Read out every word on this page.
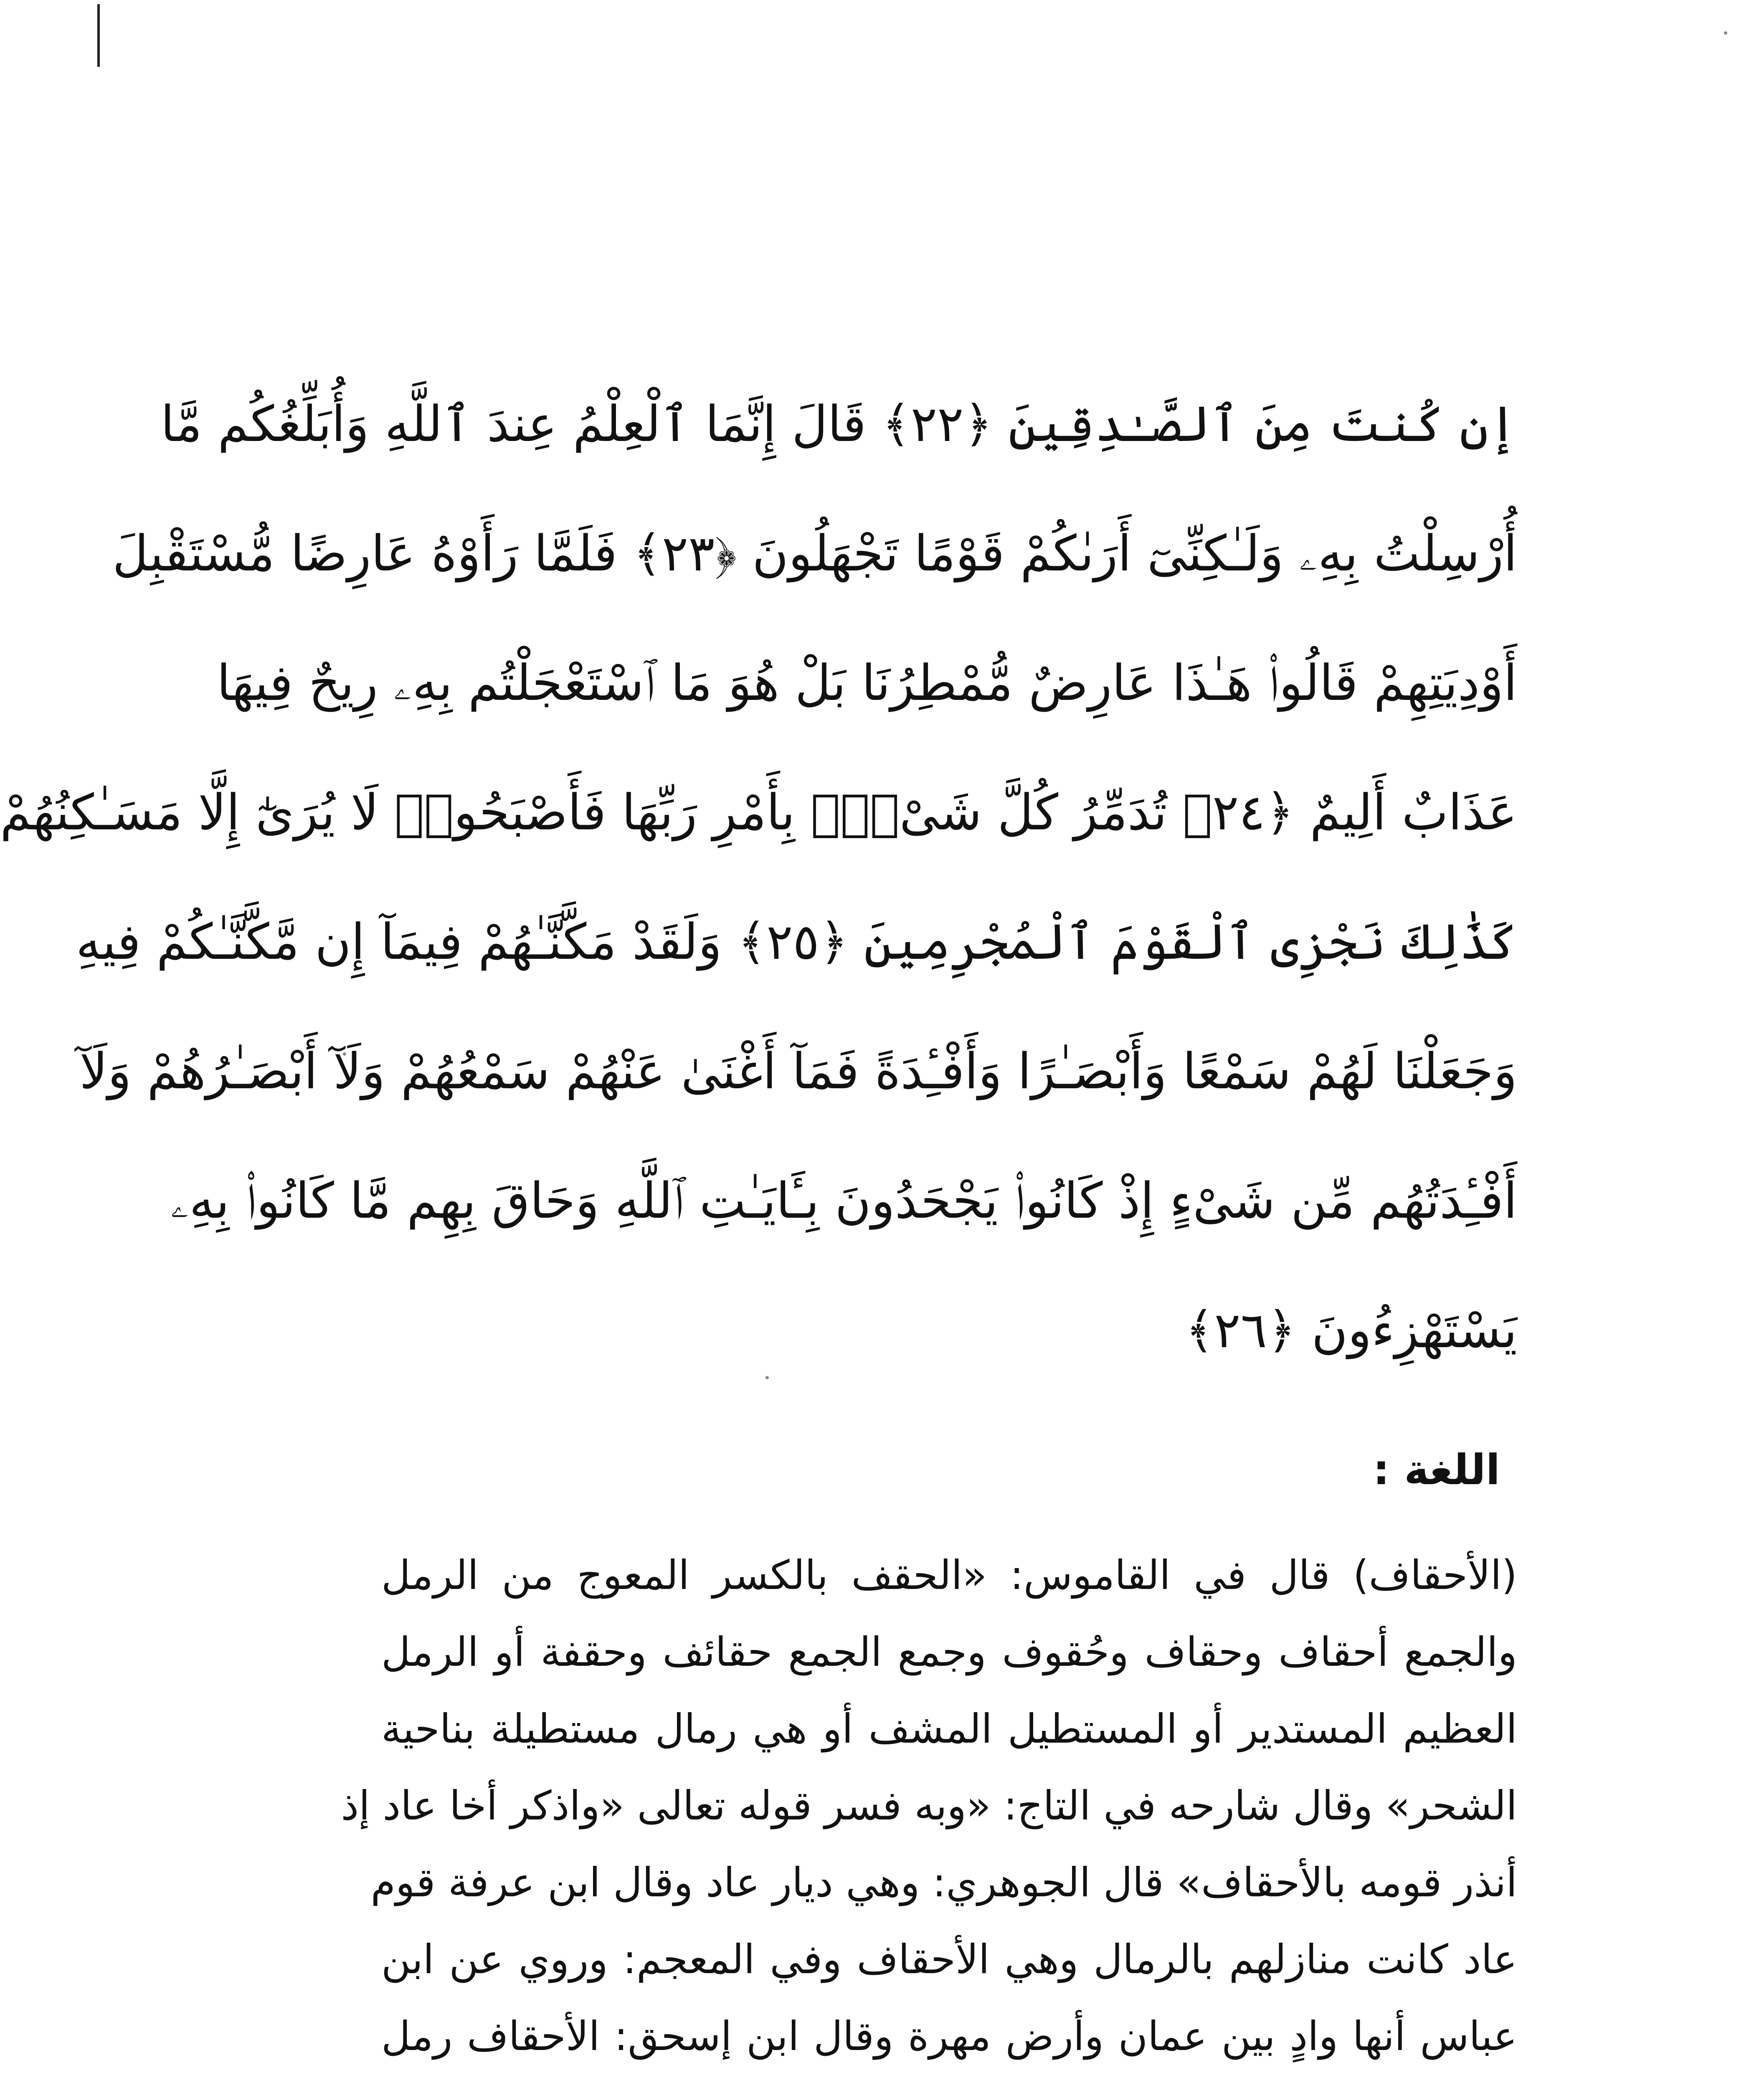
إن كُنتَ مِنَ ٱلصَّـٰدِقِينَ ﴿٢٢﴾ قَالَ إِنَّمَا ٱلْعِلْمُ عِندَ ٱللَّهِ وَأُبَلِّغُكُم مَّا
أُرْسِلْتُ بِهِۦ وَلَـٰكِنِّىٓ أَرَىٰكُمْ قَوْمًا تَجْهَلُونَ ﴿٢٣﴾ فَلَمَّا رَأَوْهُ عَارِضًا مُّسْتَقْبِلَ
أَوْدِيَتِهِمْ قَالُوا۟ هَـٰذَا عَارِضٌ مُّمْطِرُنَا بَلْ هُوَ مَا ٱسْتَعْجَلْتُم بِهِۦ رِيحٌ فِيهَا
عَذَابٌ أَلِيمٌ ﴿٢٤﴾ تُدَمِّرُ كُلَّ شَىْءٍۭ بِأَمْرِ رَبِّهَا فَأَصْبَحُوا۟ لَا يُرَىٰٓ إِلَّا مَسَـٰكِنُهُمْ
كَذَٰلِكَ نَجْزِى ٱلْقَوْمَ ٱلْمُجْرِمِينَ ﴿٢٥﴾ وَلَقَدْ مَكَّنَّـٰهُمْ فِيمَآ إِن مَّكَّنَّـٰكُمْ فِيهِ
وَجَعَلْنَا لَهُمْ سَمْعًا وَأَبْصَـٰرًا وَأَفْـِٔدَةً فَمَآ أَغْنَىٰ عَنْهُمْ سَمْعُهُمْ وَلَآ أَبْصَـٰرُهُمْ وَلَآ
أَفْـِٔدَتُهُم مِّن شَىْءٍ إِذْ كَانُوا۟ يَجْحَدُونَ بِـَٔايَـٰتِ ٱللَّهِ وَحَاقَ بِهِم مَّا كَانُوا۟ بِهِۦ
يَسْتَهْزِءُونَ ﴿٢٦﴾
اللغة :
(الأحقاف) قال في القاموس: «الحقف بالكسر المعوج من الرمل
والجمع أحقاف وحقاف وحُقوف وجمع الجمع حقائف وحقفة أو الرمل
العظيم المستدير أو المستطيل المشف أو هي رمال مستطيلة بناحية
الشحر» وقال شارحه في التاج: «وبه فسر قوله تعالى «واذكر أخا عاد إذ
أنذر قومه بالأحقاف» قال الجوهري: وهي ديار عاد وقال ابن عرفة قوم
عاد كانت منازلهم بالرمال وهي الأحقاف وفي المعجم: وروي عن ابن
عباس أنها وادٍ بين عمان وأرض مهرة وقال ابن إسحق: الأحقاف رمل
